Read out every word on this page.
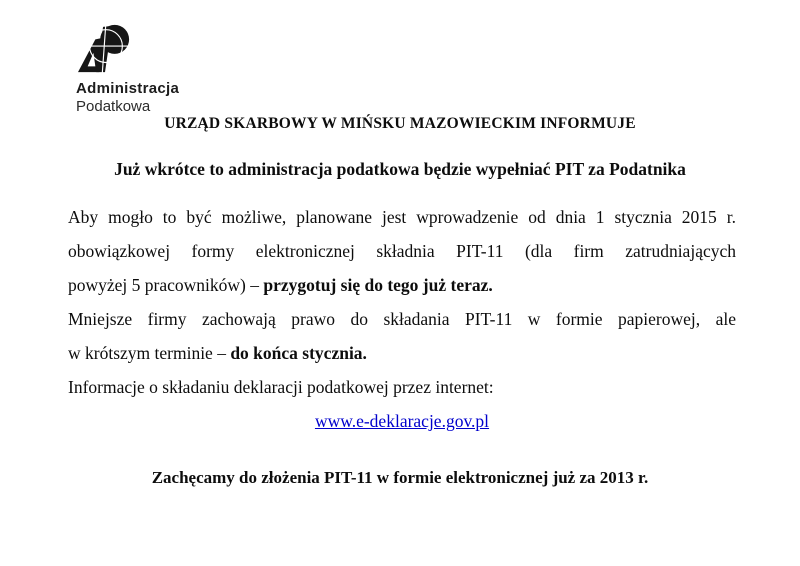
Administracja
Podatkowa
URZĄD SKARBOWY W MIŃSKU MAZOWIECKIM INFORMUJE
Już wkrótce to administracja podatkowa będzie wypełniać PIT za Podatnika
Aby mogło to być możliwe, planowane jest wprowadzenie od dnia 1 stycznia 2015 r.
obowiązkowej formy elektronicznej składnia PIT-11 (dla firm zatrudniających
powyżej 5 pracowników) – przygotuj się do tego już teraz.
Mniejsze firmy zachowają prawo do składania PIT-11 w formie papierowej, ale
w krótszym terminie – do końca stycznia.
Informacje o składaniu deklaracji podatkowej przez internet:
www.e-deklaracje.gov.pl
Zachęcamy do złożenia PIT-11 w formie elektronicznej już za 2013 r.
